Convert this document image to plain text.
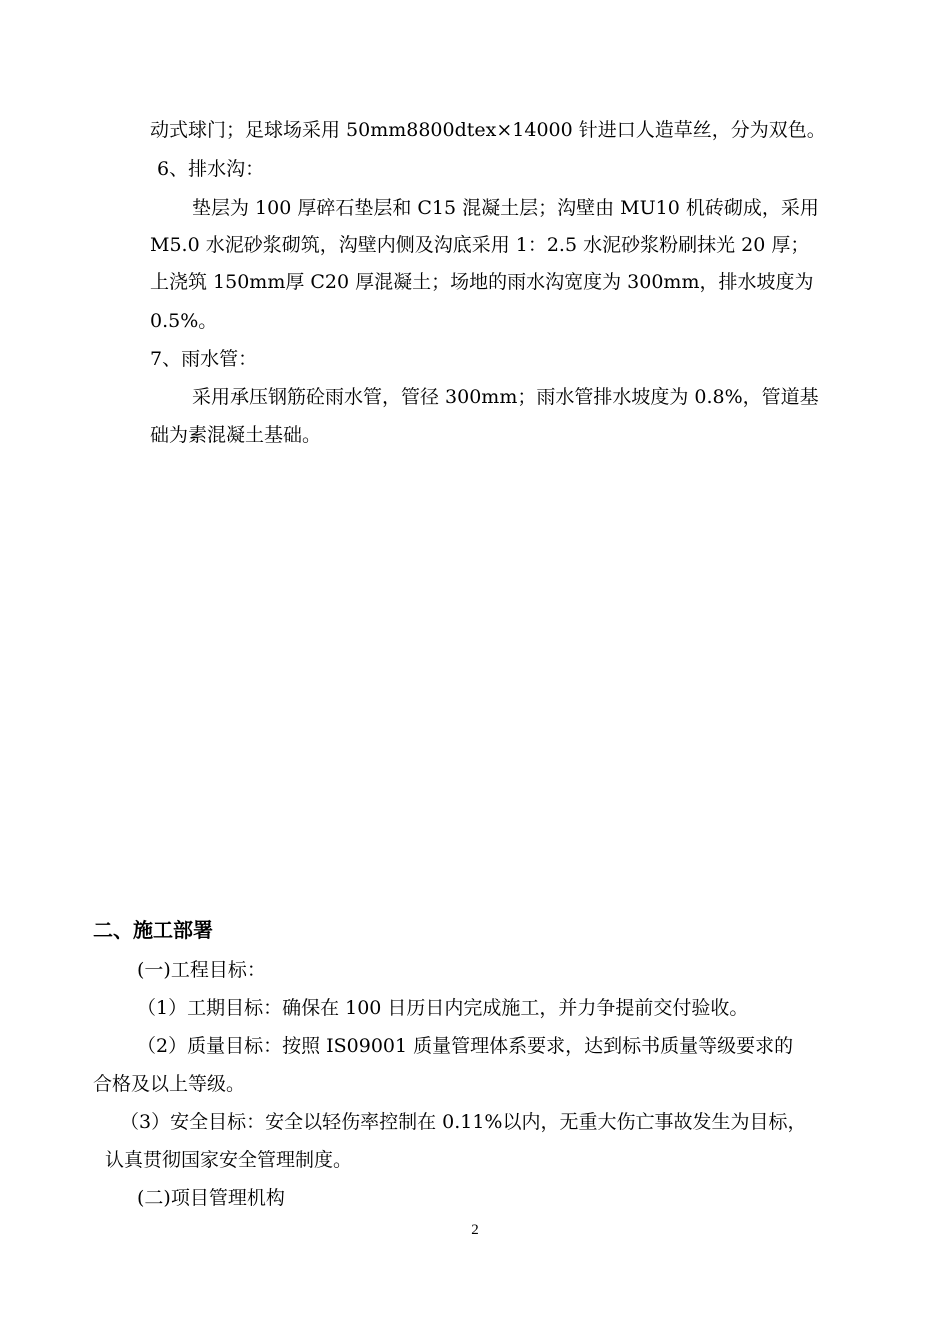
动式球门；足球场采用 50mm8800dtex×14000 针进口人造草丝，分为双色。
6、排水沟：
垫层为 100 厚碎石垫层和 C15 混凝土层；沟壁由 MU10 机砖砌成，采用
M5.0 水泥砂浆砌筑，沟壁内侧及沟底采用 1：2.5 水泥砂浆粉刷抹光 20 厚；
上浇筑 150mm厚 C20 厚混凝土；场地的雨水沟宽度为 300mm，排水坡度为
0.5%。
7、雨水管：
采用承压钢筋砼雨水管，管径 300mm；雨水管排水坡度为 0.8%，管道基
础为素混凝土基础。
二、施工部署
(一)工程目标：
（1）工期目标：确保在 100 日历日内完成施工，并力争提前交付验收。
（2）质量目标：按照 IS09001 质量管理体系要求，达到标书质量等级要求的
合格及以上等级。
（3）安全目标：安全以轻伤率控制在 0.11%以内，无重大伤亡事故发生为目标，
认真贯彻国家安全管理制度。
(二)项目管理机构
2
